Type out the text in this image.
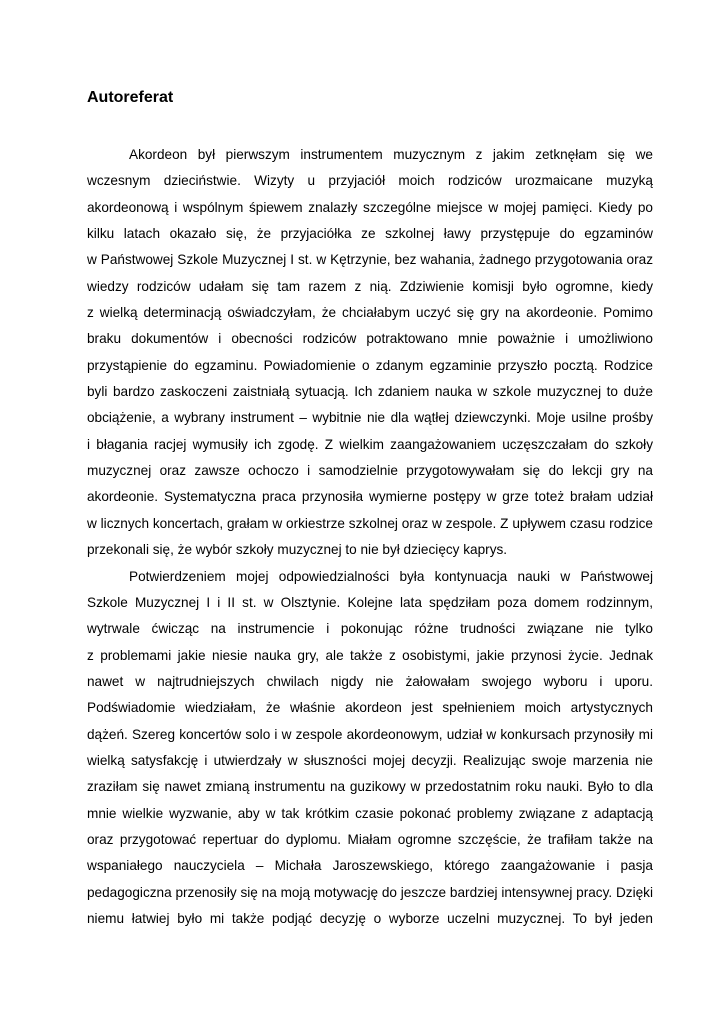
Autoreferat
Akordeon był pierwszym instrumentem muzycznym z jakim zetknęłam się we
wczesnym dzieciństwie. Wizyty u przyjaciół moich rodziców urozmaicane muzyką
akordeonową i wspólnym śpiewem znalazły szczególne miejsce w mojej pamięci. Kiedy po
kilku latach okazało się, że przyjaciółka ze szkolnej ławy przystępuje do egzaminów
w Państwowej Szkole Muzycznej I st. w Kętrzynie, bez wahania, żadnego przygotowania oraz
wiedzy rodziców udałam się tam razem z nią. Zdziwienie komisji było ogromne, kiedy
z wielką determinacją oświadczyłam, że chciałabym uczyć się gry na akordeonie. Pomimo
braku dokumentów i obecności rodziców potraktowano mnie poważnie i umożliwiono
przystąpienie do egzaminu. Powiadomienie o zdanym egzaminie przyszło pocztą. Rodzice
byli bardzo zaskoczeni zaistniałą sytuacją. Ich zdaniem nauka w szkole muzycznej to duże
obciążenie, a wybrany instrument – wybitnie nie dla wątłej dziewczynki. Moje usilne prośby
i błagania racjej wymusiły ich zgodę. Z wielkim zaangażowaniem uczęszczałam do szkoły
muzycznej oraz zawsze ochoczo i samodzielnie przygotowywałam się do lekcji gry na
akordeonie. Systematyczna praca przynosiła wymierne postępy w grze toteż brałam udział
w licznych koncertach, grałam w orkiestrze szkolnej oraz w zespole. Z upływem czasu rodzice
przekonali się, że wybór szkoły muzycznej to nie był dziecięcy kaprys.
Potwierdzeniem mojej odpowiedzialności była kontynuacja nauki w Państwowej
Szkole Muzycznej I i II st. w Olsztynie. Kolejne lata spędziłam poza domem rodzinnym,
wytrwale ćwicząc na instrumencie i pokonując różne trudności związane nie tylko
z problemami jakie niesie nauka gry, ale także z osobistymi, jakie przynosi życie. Jednak
nawet w najtrudniejszych chwilach nigdy nie żałowałam swojego wyboru i uporu.
Podświadomie wiedziałam, że właśnie akordeon jest spełnieniem moich artystycznych
dążeń. Szereg koncertów solo i w zespole akordeonowym, udział w konkursach przynosiły mi
wielką satysfakcję i utwierdzały w słuszności mojej decyzji. Realizując swoje marzenia nie
zraziłam się nawet zmianą instrumentu na guzikowy w przedostatnim roku nauki. Było to dla
mnie wielkie wyzwanie, aby w tak krótkim czasie pokonać problemy związane z adaptacją
oraz przygotować repertuar do dyplomu. Miałam ogromne szczęście, że trafiłam także na
wspaniałego nauczyciela – Michała Jaroszewskiego, którego zaangażowanie i pasja
pedagogiczna przenosiły się na moją motywację do jeszcze bardziej intensywnej pracy. Dzięki
niemu łatwiej było mi także podjąć decyzję o wyborze uczelni muzycznej. To był jeden
